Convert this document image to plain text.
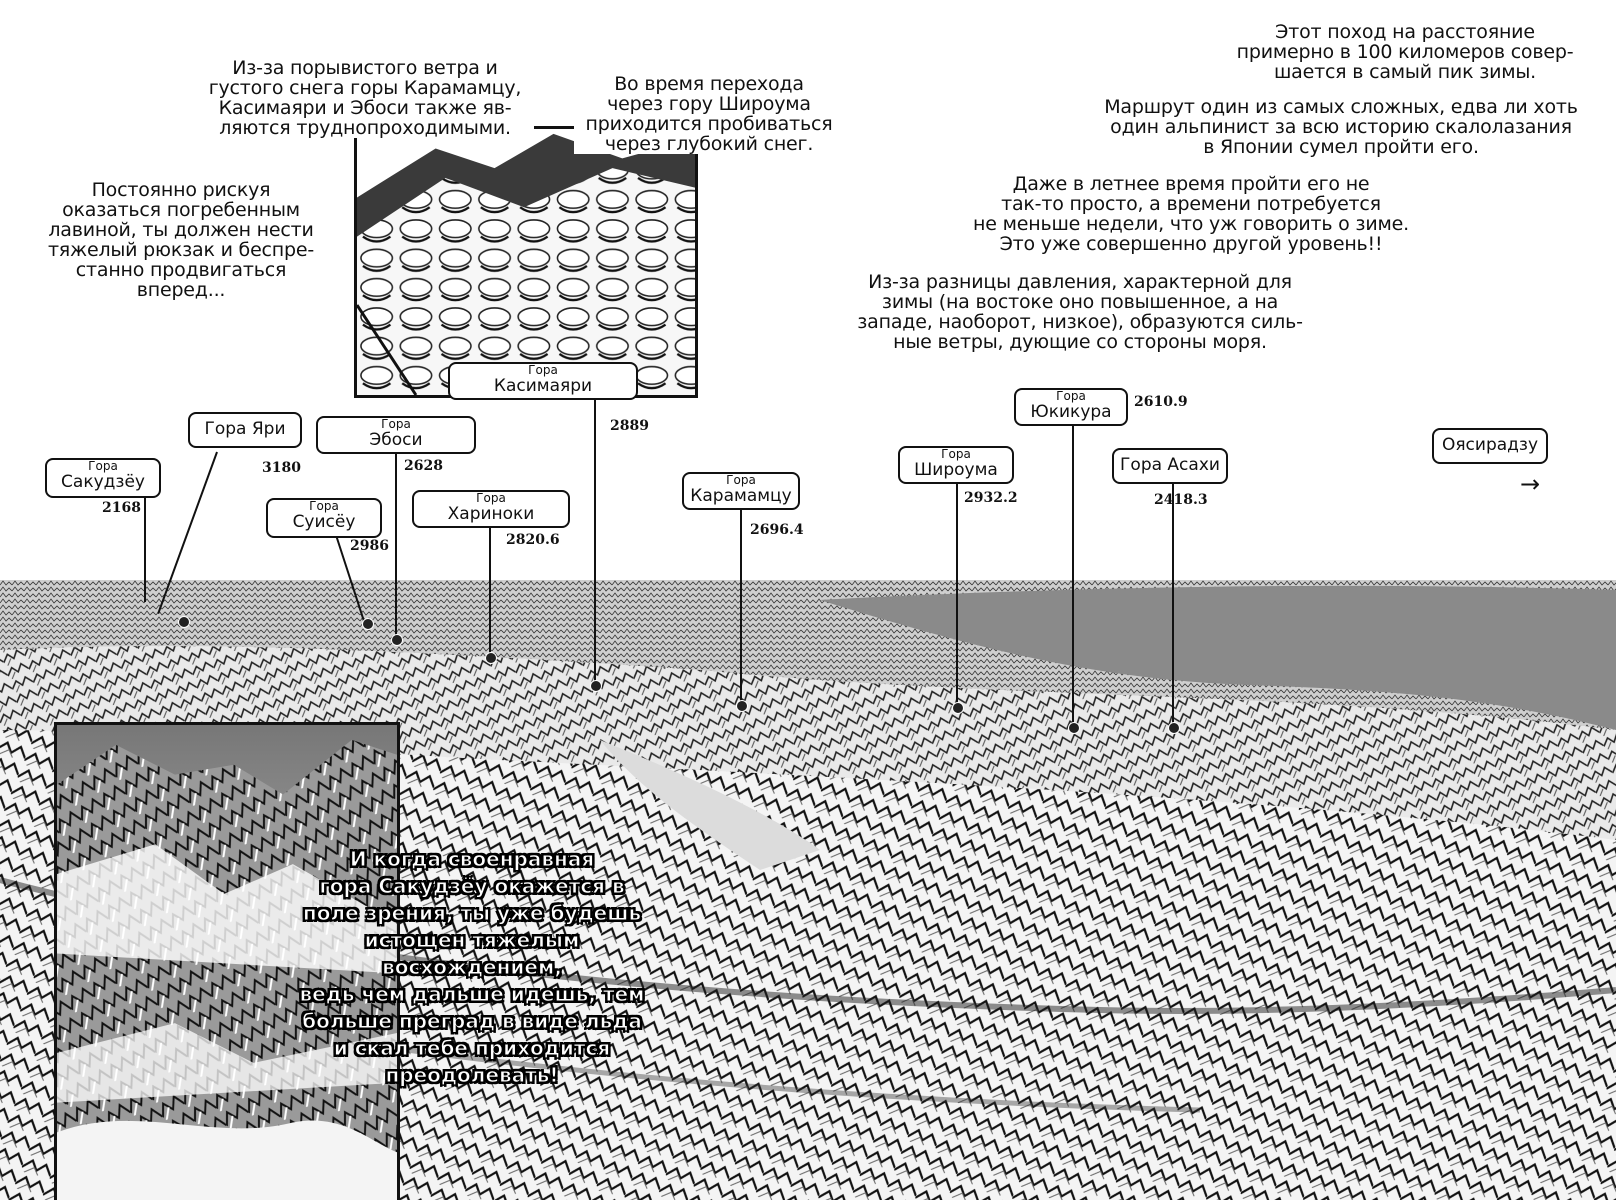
Этот поход на расстояние

примерно в 100 киломеров совер-

шается в самый пик зимы.

Маршрут один из самых сложных, едва ли хоть

один альпинист за всю историю скалолазания

в Японии сумел пройти его.

Даже в летнее время пройти его не

так-то просто, а времени потребуется

не меньше недели, что уж говорить о зиме.

Это уже совершенно другой уровень!!

Из-за разницы давления, характерной для

зимы (на востоке оно повышенное, а на

западе, наоборот, низкое), образуются силь-

ные ветры, дующие со стороны моря.

Во время перехода

через гору Широума

приходится пробиваться

через глубокий снег.

Из-за порывистого ветра и

густого снега горы Карамамцу,

Касимаяри и Эбоси также яв-

ляются труднопроходимыми.

Постоянно рискуя

оказаться погребенным

лавиной, ты должен нести

тяжелый рюкзак и беспре-

станно продвигаться

вперед...

Гора
Сакудзёу
2168
Гора Яри
3180
Гора
Суисёу
2986
Гора
Эбоси
2628
Гора
Хариноки
2820.6
Гора
Касимаяри
2889
Гора
Карамамцу
2696.4
Гора
Широума
2932.2
Гора
Юкикура	2610.9
Гора Асахи
2418.3
Оясирадзу
→

И когда своенравная

гора Сакудзёу окажется в

поле зрения, ты уже будешь

истощен тяжелым восхождением,

ведь чем дальше идешь, тем

больше преград в виде льда

и скал тебе приходится

преодолевать!
